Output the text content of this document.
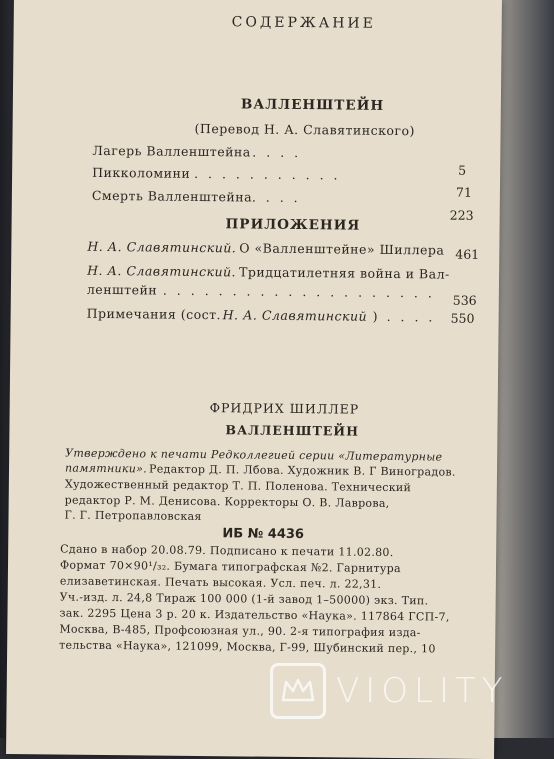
СОДЕРЖАНИЕ
ВАЛЛЕНШТЕЙН
(Перевод Н. А. Славятинского)
Лагерь Валленштейна . . . .
5
Пикколомини . . . . . . . . . . .
71
Смерть Валленштейна . . . .
223
ПРИЛОЖЕНИЯ
Н. А. Славятинский. О «Валленштейне» Шиллера 461
Н. А. Славятинский. Тридцатилетняя война и Вал-
ленштейн . . . . . . . . . . . . . . . . . . . . 536
Примечания (сост. Н. А. Славятинский ) . . . . 550
ФРИДРИХ ШИЛЛЕР
ВАЛЛЕНШТЕЙН
Утверждено к печати Редколлегией серии «Литературные
памятники». Редактор Д. П. Лбова. Художник В. Г Виноградов.
Художественный редактор Т. П. Поленова. Технический
редактор Р. М. Денисова. Корректоры О. В. Лаврова,
Г. Г. Петропавловская
ИБ № 4436
Сдано в набор 20.08.79. Подписано к печати 11.02.80.
Формат 70×90¹/₃₂. Бумага типографская №2. Гарнитура
елизаветинская. Печать высокая. Усл. печ. л. 22,31.
Уч.-изд. л. 24,8 Тираж 100 000 (1-й завод 1–50000) экз. Тип.
зак. 2295 Цена 3 р. 20 к. Издательство «Наука». 117864 ГСП-7,
Москва, В-485, Профсоюзная ул., 90. 2-я типография изда-
тельства «Наука», 121099, Москва, Г-99, Шубинский пер., 10
VIOLITY
